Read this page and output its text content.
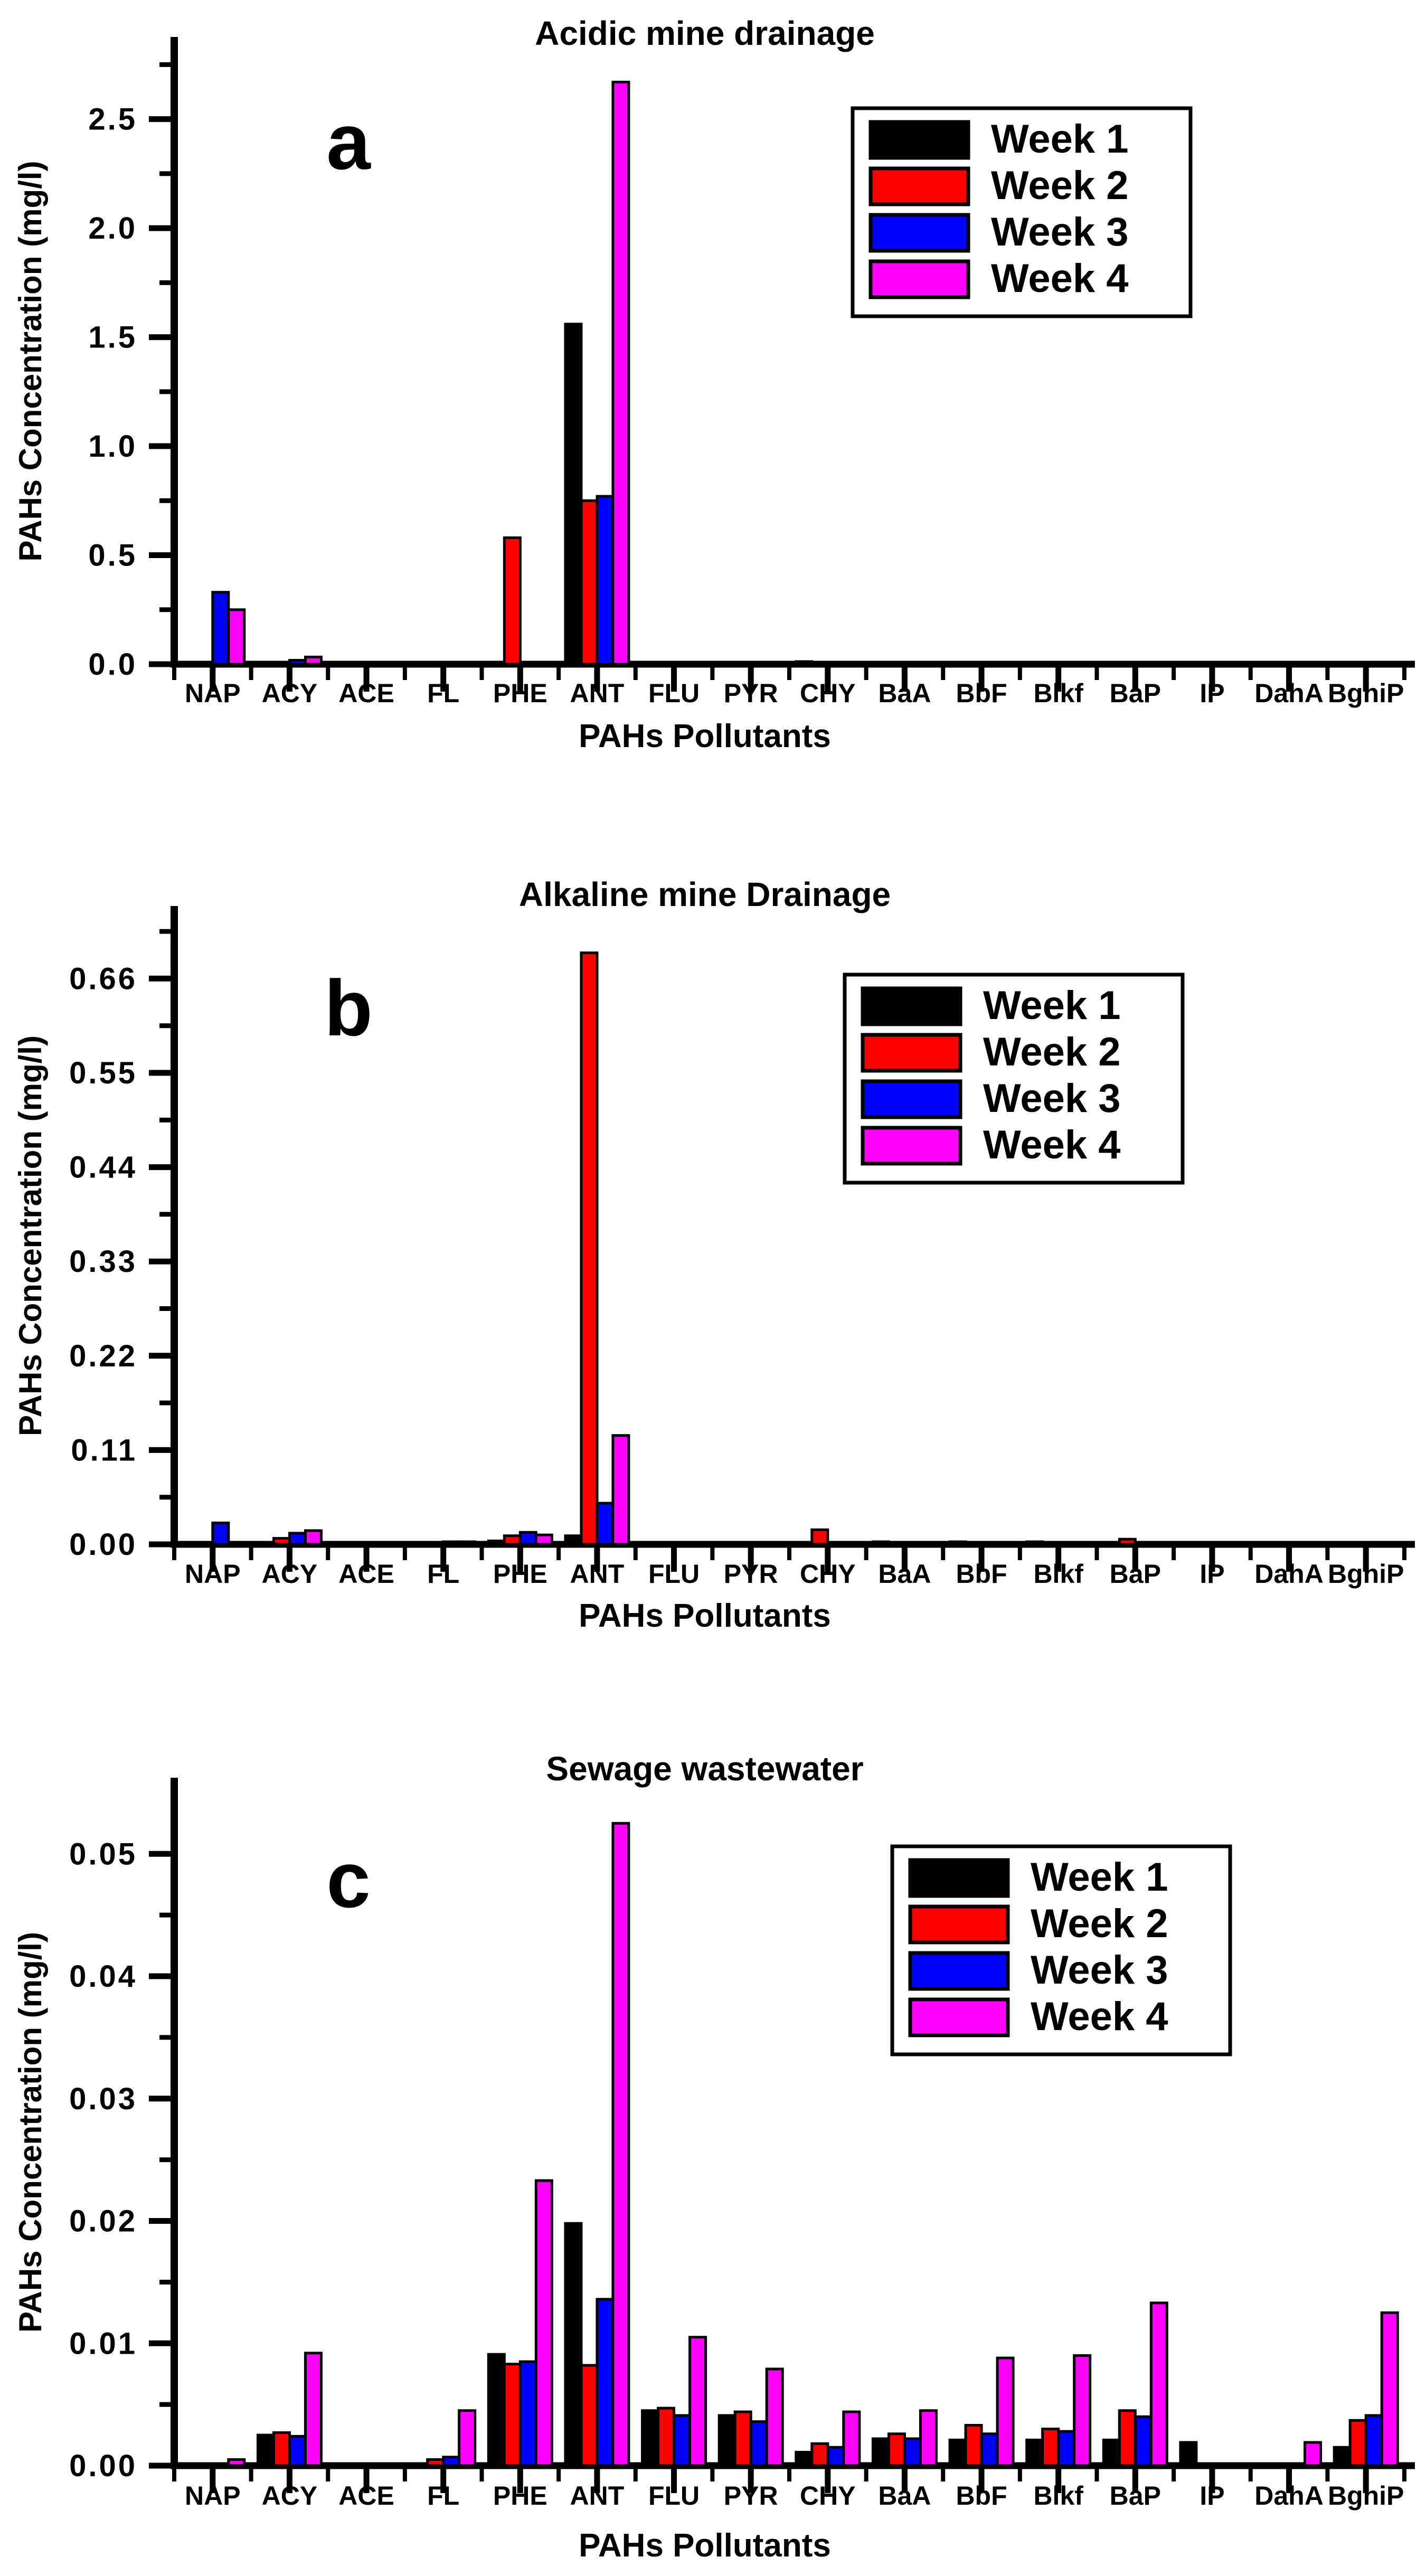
Acidic mine drainage
a
0.0
0.5
1.0
1.5
2.0
2.5
NAP ACY ACE FL PHE ANT FLU PYR CHY BaA BbF Blkf BaP IP DahA BghiP
PAHs Pollutants
PAHs Concentration (mg/l)
Week 1
Week 2
Week 3
Week 4
Alkaline mine Drainage
b
0.00
0.11
0.22
0.33
0.44
0.55
0.66
NAP ACY ACE FL PHE ANT FLU PYR CHY BaA BbF Blkf BaP IP DahA BghiP
PAHs Pollutants
PAHs Concentration (mg/l)
Week 1
Week 2
Week 3
Week 4
Sewage wastewater
c
0.00
0.01
0.02
0.03
0.04
0.05
NAP ACY ACE FL PHE ANT FLU PYR CHY BaA BbF Blkf BaP IP DahA BghiP
PAHs Pollutants
PAHs Concentration (mg/l)
Week 1
Week 2
Week 3
Week 4
